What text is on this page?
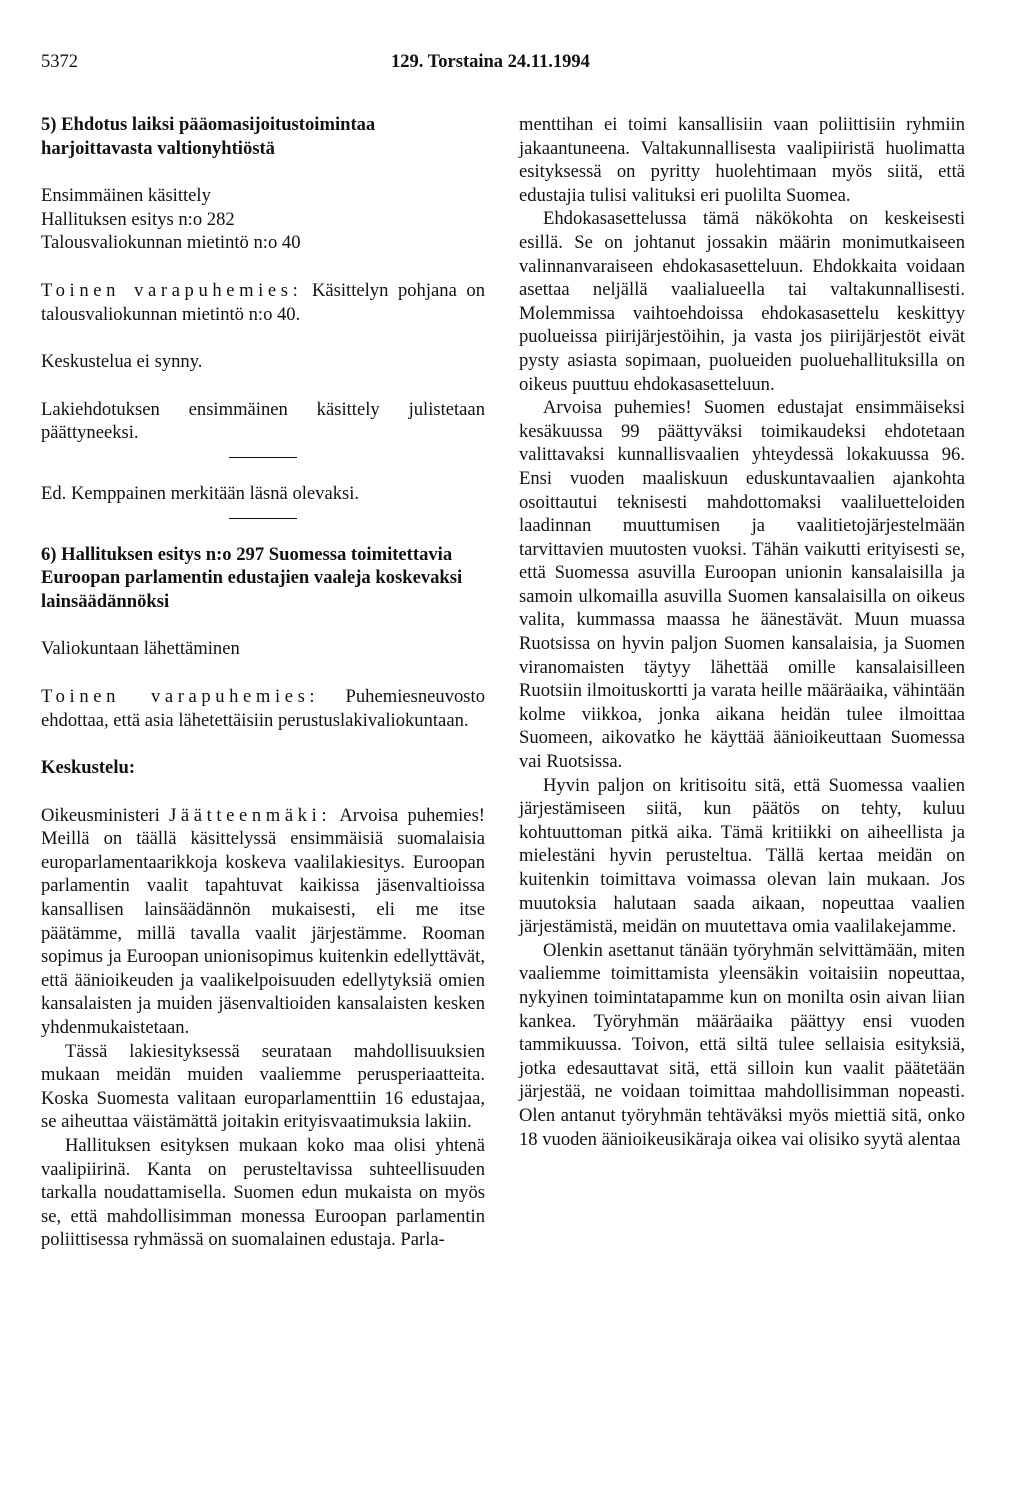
5372	129. Torstaina 24.11.1994

5) Ehdotus laiksi pääomasijoitustoimintaa harjoittavasta valtionyhtiöstä

Ensimmäinen käsittely

Hallituksen esitys n:o 282

Talousvaliokunnan mietintö n:o 40

Toinen varapuhemies: Käsittelyn pohjana on talousvaliokunnan mietintö n:o 40.

Keskustelua ei synny.

Lakiehdotuksen ensimmäinen käsittely julistetaan päättyneeksi.

Ed. Kemppainen merkitään läsnä olevaksi.

6) Hallituksen esitys n:o 297 Suomessa toimitettavia Euroopan parlamentin edustajien vaaleja koskevaksi lainsäädännöksi

Valiokuntaan lähettäminen

Toinen varapuhemies: Puhemiesneuvosto ehdottaa, että asia lähetettäisiin perustuslakivaliokuntaan.

Keskustelu:

Oikeusministeri Jäätteenmäki: Arvoisa puhemies! Meillä on täällä käsittelyssä ensimmäisiä suomalaisia europarlamentaarikkoja koskeva vaalilakiesitys. Euroopan parlamentin vaalit tapahtuvat kaikissa jäsenvaltioissa kansallisen lainsäädännön mukaisesti, eli me itse päätämme, millä tavalla vaalit järjestämme. Rooman sopimus ja Euroopan unionisopimus kuitenkin edellyttävät, että äänioikeuden ja vaalikelpoisuuden edellytyksiä omien kansalaisten ja muiden jäsenvaltioiden kansalaisten kesken yhdenmukaistetaan.

Tässä lakiesityksessä seurataan mahdollisuuksien mukaan meidän muiden vaaliemme perusperiaatteita. Koska Suomesta valitaan europarlamenttiin 16 edustajaa, se aiheuttaa väistämättä joitakin erityisvaatimuksia lakiin.

Hallituksen esityksen mukaan koko maa olisi yhtenä vaalipiirinä. Kanta on perusteltavissa suhteellisuuden tarkalla noudattamisella. Suomen edun mukaista on myös se, että mahdollisimman monessa Euroopan parlamentin poliittisessa ryhmässä on suomalainen edustaja. Parla-

menttihan ei toimi kansallisiin vaan poliittisiin ryhmiin jakaantuneena. Valtakunnallisesta vaalipiiristä huolimatta esityksessä on pyritty huolehtimaan myös siitä, että edustajia tulisi valituksi eri puolilta Suomea.

Ehdokasasettelussa tämä näkökohta on keskeisesti esillä. Se on johtanut jossakin määrin monimutkaiseen valinnanvaraiseen ehdokasasetteluun. Ehdokkaita voidaan asettaa neljällä vaalialueella tai valtakunnallisesti. Molemmissa vaihtoehdoissa ehdokasasettelu keskittyy puolueissa piirijärjestöihin, ja vasta jos piirijärjestöt eivät pysty asiasta sopimaan, puolueiden puoluehallituksilla on oikeus puuttuu ehdokasasetteluun.

Arvoisa puhemies! Suomen edustajat ensimmäiseksi kesäkuussa 99 päättyväksi toimikaudeksi ehdotetaan valittavaksi kunnallisvaalien yhteydessä lokakuussa 96. Ensi vuoden maaliskuun eduskuntavaalien ajankohta osoittautui teknisesti mahdottomaksi vaaliluetteloiden laadinnan muuttumisen ja vaalitietojärjestelmään tarvittavien muutosten vuoksi. Tähän vaikutti erityisesti se, että Suomessa asuvilla Euroopan unionin kansalaisilla ja samoin ulkomailla asuvilla Suomen kansalaisilla on oikeus valita, kummassa maassa he äänestävät. Muun muassa Ruotsissa on hyvin paljon Suomen kansalaisia, ja Suomen viranomaisten täytyy lähettää omille kansalaisilleen Ruotsiin ilmoituskortti ja varata heille määräaika, vähintään kolme viikkoa, jonka aikana heidän tulee ilmoittaa Suomeen, aikovatko he käyttää äänioikeuttaan Suomessa vai Ruotsissa.

Hyvin paljon on kritisoitu sitä, että Suomessa vaalien järjestämiseen siitä, kun päätös on tehty, kuluu kohtuuttoman pitkä aika. Tämä kritiikki on aiheellista ja mielestäni hyvin perusteltua. Tällä kertaa meidän on kuitenkin toimittava voimassa olevan lain mukaan. Jos muutoksia halutaan saada aikaan, nopeuttaa vaalien järjestämistä, meidän on muutettava omia vaalilakejamme.

Olenkin asettanut tänään työryhmän selvittämään, miten vaaliemme toimittamista yleensäkin voitaisiin nopeuttaa, nykyinen toimintatapamme kun on monilta osin aivan liian kankea. Työryhmän määräaika päättyy ensi vuoden tammikuussa. Toivon, että siltä tulee sellaisia esityksiä, jotka edesauttavat sitä, että silloin kun vaalit päätetään järjestää, ne voidaan toimittaa mahdollisimman nopeasti. Olen antanut työryhmän tehtäväksi myös miettiä sitä, onko 18 vuoden äänioikeusikäraja oikea vai olisiko syytä alentaa
